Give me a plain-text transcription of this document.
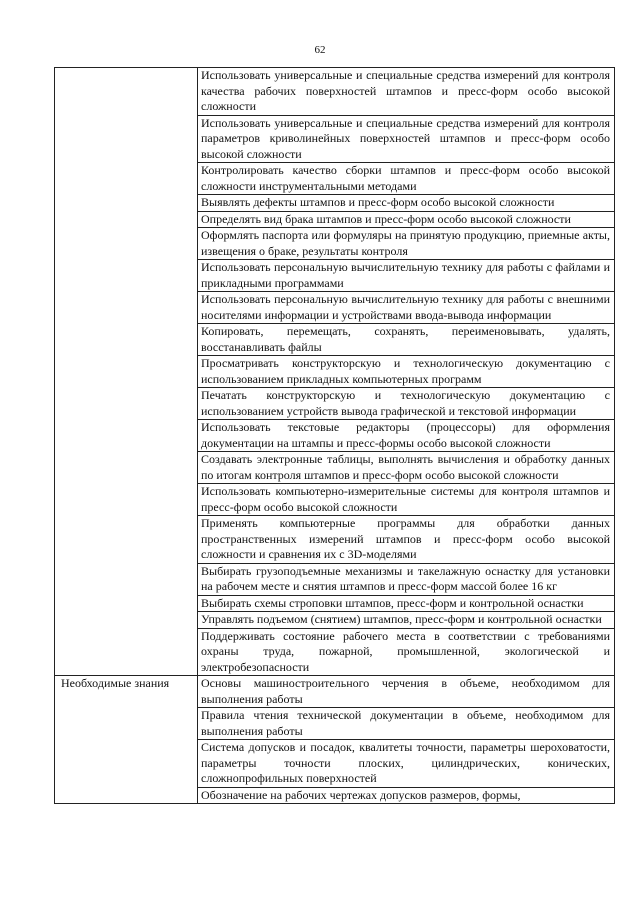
62
	Использовать универсальные и специальные средства измерений для контроля качества рабочих поверхностей штампов и пресс-форм особо высокой сложности
	Использовать универсальные и специальные средства измерений для контроля параметров криволинейных поверхностей штампов и пресс-форм особо высокой сложности
	Контролировать качество сборки штампов и пресс-форм особо высокой сложности инструментальными методами
	Выявлять дефекты штампов и пресс-форм особо высокой сложности
	Определять вид брака штампов и пресс-форм особо высокой сложности
	Оформлять паспорта или формуляры на принятую продукцию, приемные акты, извещения о браке, результаты контроля
	Использовать персональную вычислительную технику для работы с файлами и прикладными программами
	Использовать персональную вычислительную технику для работы с внешними носителями информации и устройствами ввода-вывода информации
	Копировать, перемещать, сохранять, переименовывать, удалять, восстанавливать файлы
	Просматривать конструкторскую и технологическую документацию с использованием прикладных компьютерных программ
	Печатать конструкторскую и технологическую документацию с использованием устройств вывода графической и текстовой информации
	Использовать текстовые редакторы (процессоры) для оформления документации на штампы и пресс-формы особо высокой сложности
	Создавать электронные таблицы, выполнять вычисления и обработку данных по итогам контроля штампов и пресс-форм особо высокой сложности
	Использовать компьютерно-измерительные системы для контроля штампов и пресс-форм особо высокой сложности
	Применять компьютерные программы для обработки данных пространственных измерений штампов и пресс-форм особо высокой сложности и сравнения их с 3D-моделями
	Выбирать грузоподъемные механизмы и такелажную оснастку для установки на рабочем месте и снятия штампов и пресс-форм массой более 16 кг
	Выбирать схемы строповки штампов, пресс-форм и контрольной оснастки
	Управлять подъемом (снятием) штампов, пресс-форм и контрольной оснастки
	Поддерживать состояние рабочего места в соответствии с требованиями охраны труда, пожарной, промышленной, экологической и электробезопасности
Необходимые знания	Основы машиностроительного черчения в объеме, необходимом для выполнения работы
	Правила чтения технической документации в объеме, необходимом для выполнения работы
	Система допусков и посадок, квалитеты точности, параметры шероховатости, параметры точности плоских, цилиндрических, конических, сложнопрофильных поверхностей
	Обозначение на рабочих чертежах допусков размеров, формы,
